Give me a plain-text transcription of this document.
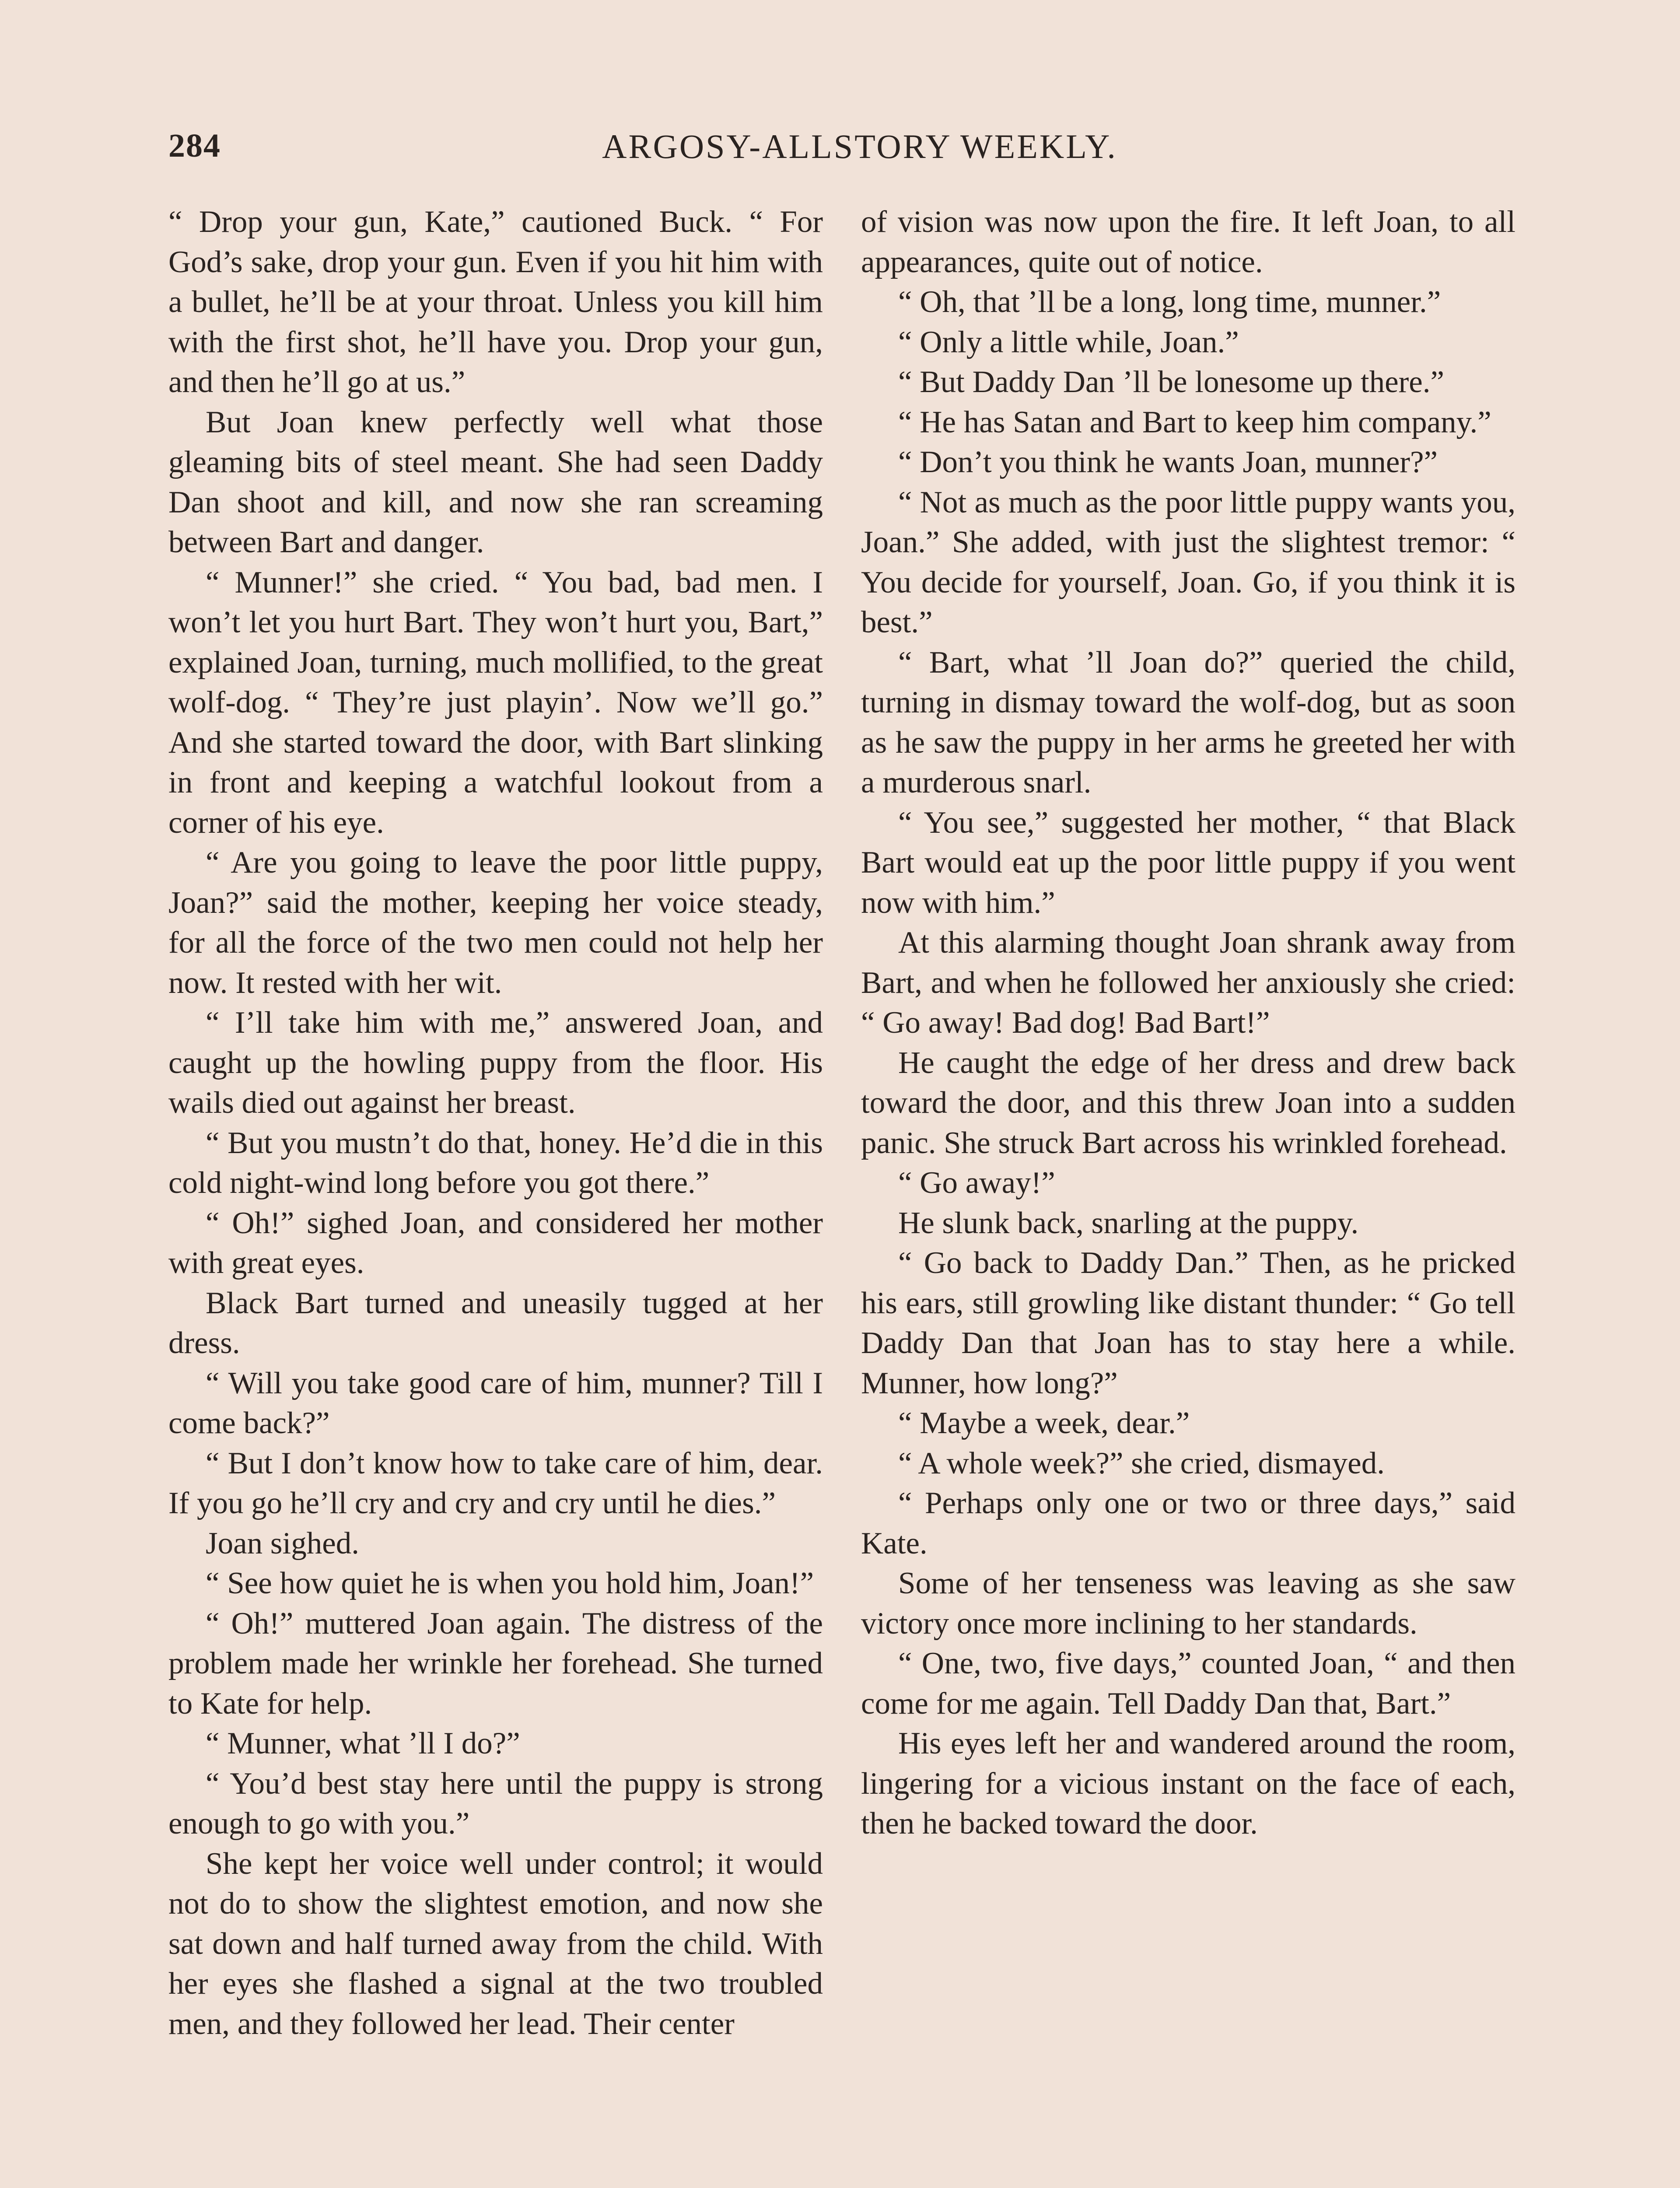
284	ARGOSY-ALLSTORY WEEKLY.

“ Drop your gun, Kate,” cautioned Buck. “ For God’s sake, drop your gun. Even if you hit him with a bullet, he’ll be at your throat. Unless you kill him with the first shot, he’ll have you. Drop your gun, and then he’ll go at us.”

But Joan knew perfectly well what those gleaming bits of steel meant. She had seen Daddy Dan shoot and kill, and now she ran screaming between Bart and danger.

“ Munner!” she cried. “ You bad, bad men. I won’t let you hurt Bart. They won’t hurt you, Bart,” explained Joan, turning, much mollified, to the great wolf-dog. “ They’re just playin’. Now we’ll go.” And she started toward the door, with Bart slinking in front and keeping a watchful lookout from a corner of his eye.

“ Are you going to leave the poor little puppy, Joan?” said the mother, keeping her voice steady, for all the force of the two men could not help her now. It rested with her wit.

“ I’ll take him with me,” answered Joan, and caught up the howling puppy from the floor. His wails died out against her breast.

“ But you mustn’t do that, honey. He’d die in this cold night-wind long before you got there.”

“ Oh!” sighed Joan, and considered her mother with great eyes.

Black Bart turned and uneasily tugged at her dress.

“ Will you take good care of him, munner? Till I come back?”

“ But I don’t know how to take care of him, dear. If you go he’ll cry and cry and cry until he dies.”

Joan sighed.

“ See how quiet he is when you hold him, Joan!”

“ Oh!” muttered Joan again. The distress of the problem made her wrinkle her forehead. She turned to Kate for help.

“ Munner, what ’ll I do?”

“ You’d best stay here until the puppy is strong enough to go with you.”

She kept her voice well under control; it would not do to show the slightest emotion, and now she sat down and half turned away from the child. With her eyes she flashed a signal at the two troubled men, and they followed her lead. Their center

of vision was now upon the fire. It left Joan, to all appearances, quite out of notice.

“ Oh, that ’ll be a long, long time, munner.”

“ Only a little while, Joan.”

“ But Daddy Dan ’ll be lonesome up there.”

“ He has Satan and Bart to keep him company.”

“ Don’t you think he wants Joan, munner?”

“ Not as much as the poor little puppy wants you, Joan.” She added, with just the slightest tremor: “ You decide for yourself, Joan. Go, if you think it is best.”

“ Bart, what ’ll Joan do?” queried the child, turning in dismay toward the wolf-dog, but as soon as he saw the puppy in her arms he greeted her with a murderous snarl.

“ You see,” suggested her mother, “ that Black Bart would eat up the poor little puppy if you went now with him.”

At this alarming thought Joan shrank away from Bart, and when he followed her anxiously she cried: “ Go away! Bad dog! Bad Bart!”

He caught the edge of her dress and drew back toward the door, and this threw Joan into a sudden panic. She struck Bart across his wrinkled forehead.

“ Go away!”

He slunk back, snarling at the puppy.

“ Go back to Daddy Dan.” Then, as he pricked his ears, still growling like distant thunder: “ Go tell Daddy Dan that Joan has to stay here a while. Munner, how long?”

“ Maybe a week, dear.”

“ A whole week?” she cried, dismayed.

“ Perhaps only one or two or three days,” said Kate.

Some of her tenseness was leaving as she saw victory once more inclining to her standards.

“ One, two, five days,” counted Joan, “ and then come for me again. Tell Daddy Dan that, Bart.”

His eyes left her and wandered around the room, lingering for a vicious instant on the face of each, then he backed toward the door.
